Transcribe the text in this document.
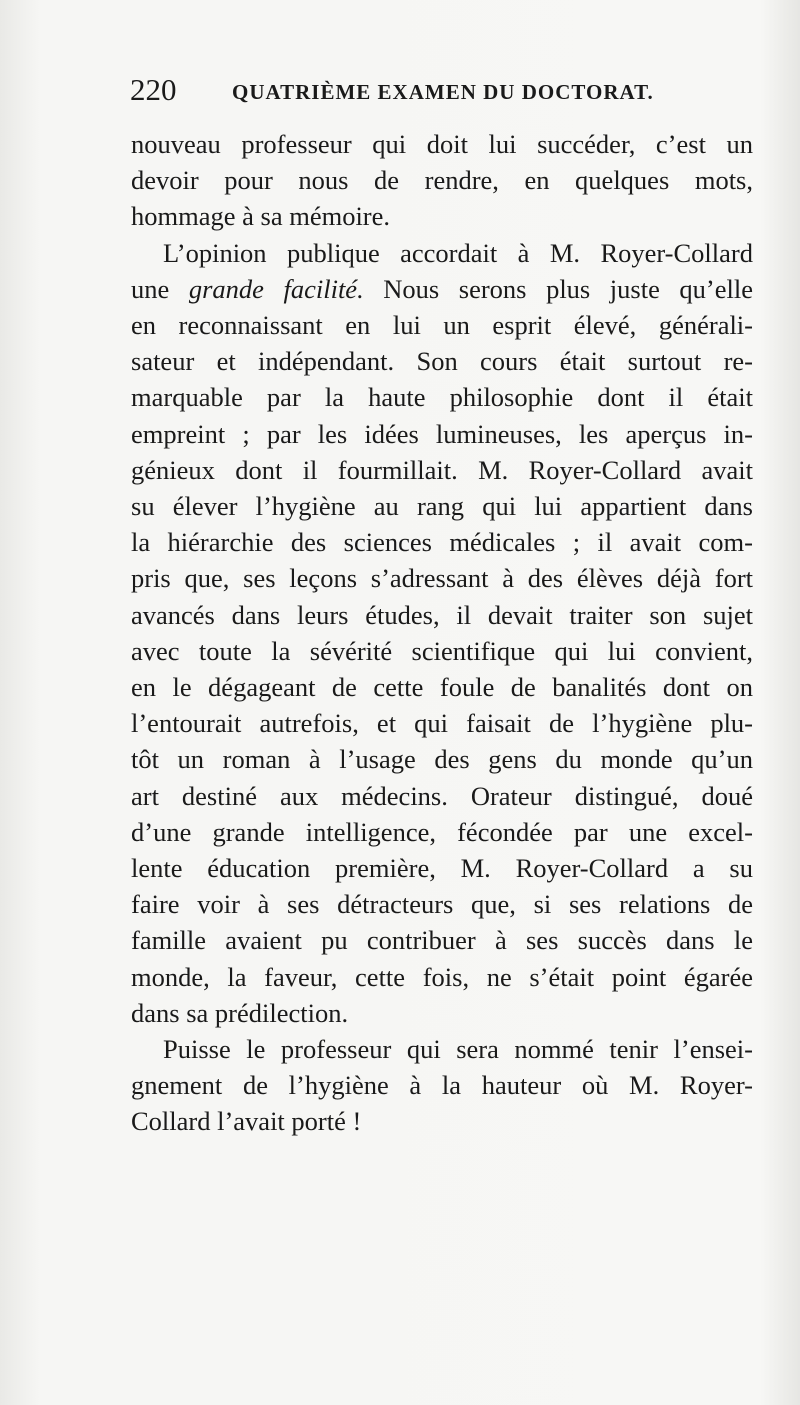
220	QUATRIÈME EXAMEN DU DOCTORAT.

nouveau professeur qui doit lui succéder, c’est un
devoir pour nous de rendre, en quelques mots,
hommage à sa mémoire.

L’opinion publique accordait à M. Royer-Collard
une grande facilité. Nous serons plus juste qu’elle
en reconnaissant en lui un esprit élevé, générali-
sateur et indépendant. Son cours était surtout re-
marquable par la haute philosophie dont il était
empreint ; par les idées lumineuses, les aperçus in-
génieux dont il fourmillait. M. Royer-Collard avait
su élever l’hygiène au rang qui lui appartient dans
la hiérarchie des sciences médicales ; il avait com-
pris que, ses leçons s’adressant à des élèves déjà fort
avancés dans leurs études, il devait traiter son sujet
avec toute la sévérité scientifique qui lui convient,
en le dégageant de cette foule de banalités dont on
l’entourait autrefois, et qui faisait de l’hygiène plu-
tôt un roman à l’usage des gens du monde qu’un
art destiné aux médecins. Orateur distingué, doué
d’une grande intelligence, fécondée par une excel-
lente éducation première, M. Royer-Collard a su
faire voir à ses détracteurs que, si ses relations de
famille avaient pu contribuer à ses succès dans le
monde, la faveur, cette fois, ne s’était point égarée
dans sa prédilection.

Puisse le professeur qui sera nommé tenir l’ensei-
gnement de l’hygiène à la hauteur où M. Royer-
Collard l’avait porté !
